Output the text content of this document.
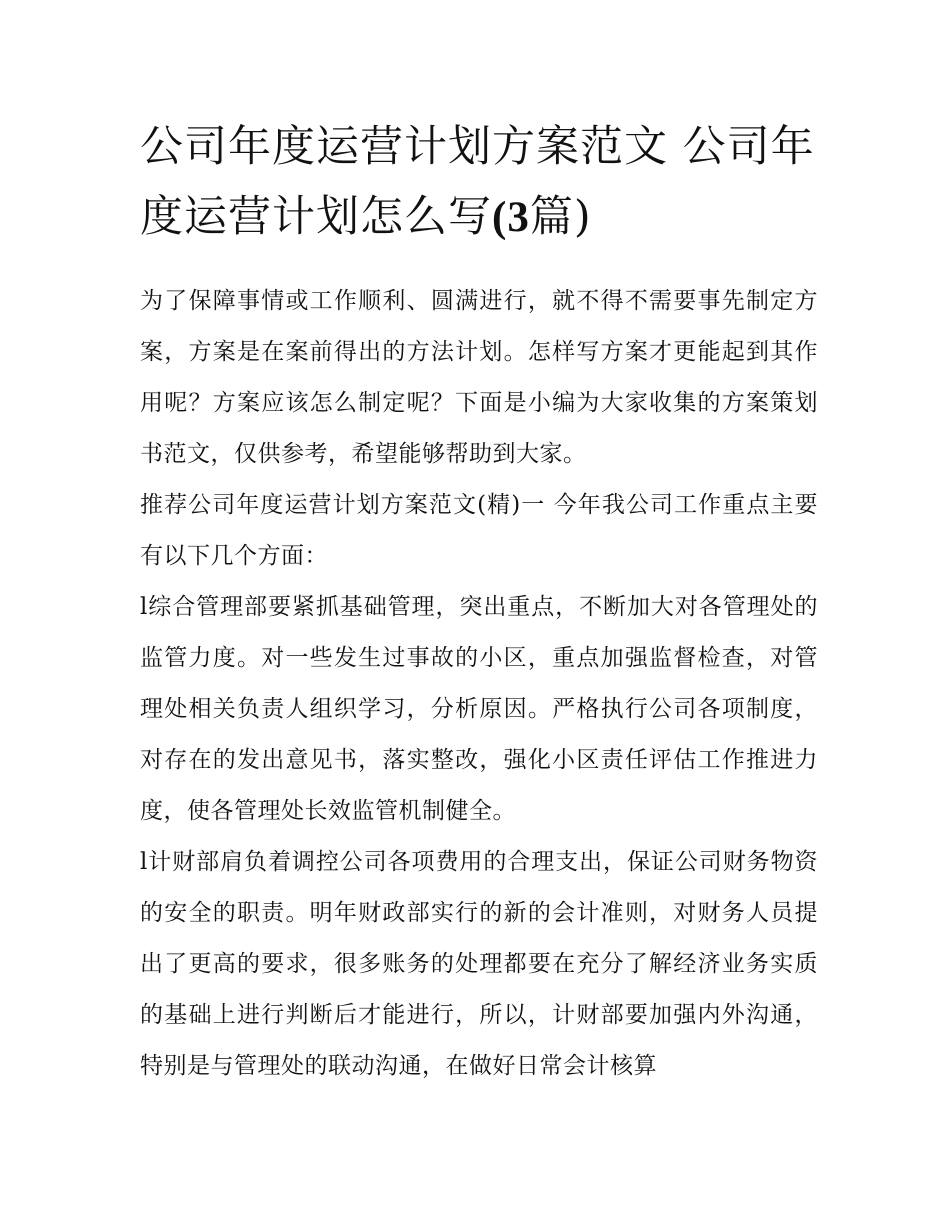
公司年度运营计划方案范文 公司年度运营计划怎么写(3篇)

为了保障事情或工作顺利、圆满进行，就不得不需要事先制定方案，方案是在案前得出的方法计划。怎样写方案才更能起到其作用呢？方案应该怎么制定呢？下面是小编为大家收集的方案策划书范文，仅供参考，希望能够帮助到大家。

推荐公司年度运营计划方案范文(精)一 今年我公司工作重点主要有以下几个方面：

l综合管理部要紧抓基础管理，突出重点，不断加大对各管理处的监管力度。对一些发生过事故的小区，重点加强监督检查，对管理处相关负责人组织学习，分析原因。严格执行公司各项制度，对存在的发出意见书，落实整改，强化小区责任评估工作推进力度，使各管理处长效监管机制健全。

l计财部肩负着调控公司各项费用的合理支出，保证公司财务物资的安全的职责。明年财政部实行的新的会计准则，对财务人员提出了更高的要求，很多账务的处理都要在充分了解经济业务实质的基础上进行判断后才能进行，所以，计财部要加强内外沟通，特别是与管理处的联动沟通，在做好日常会计核算
